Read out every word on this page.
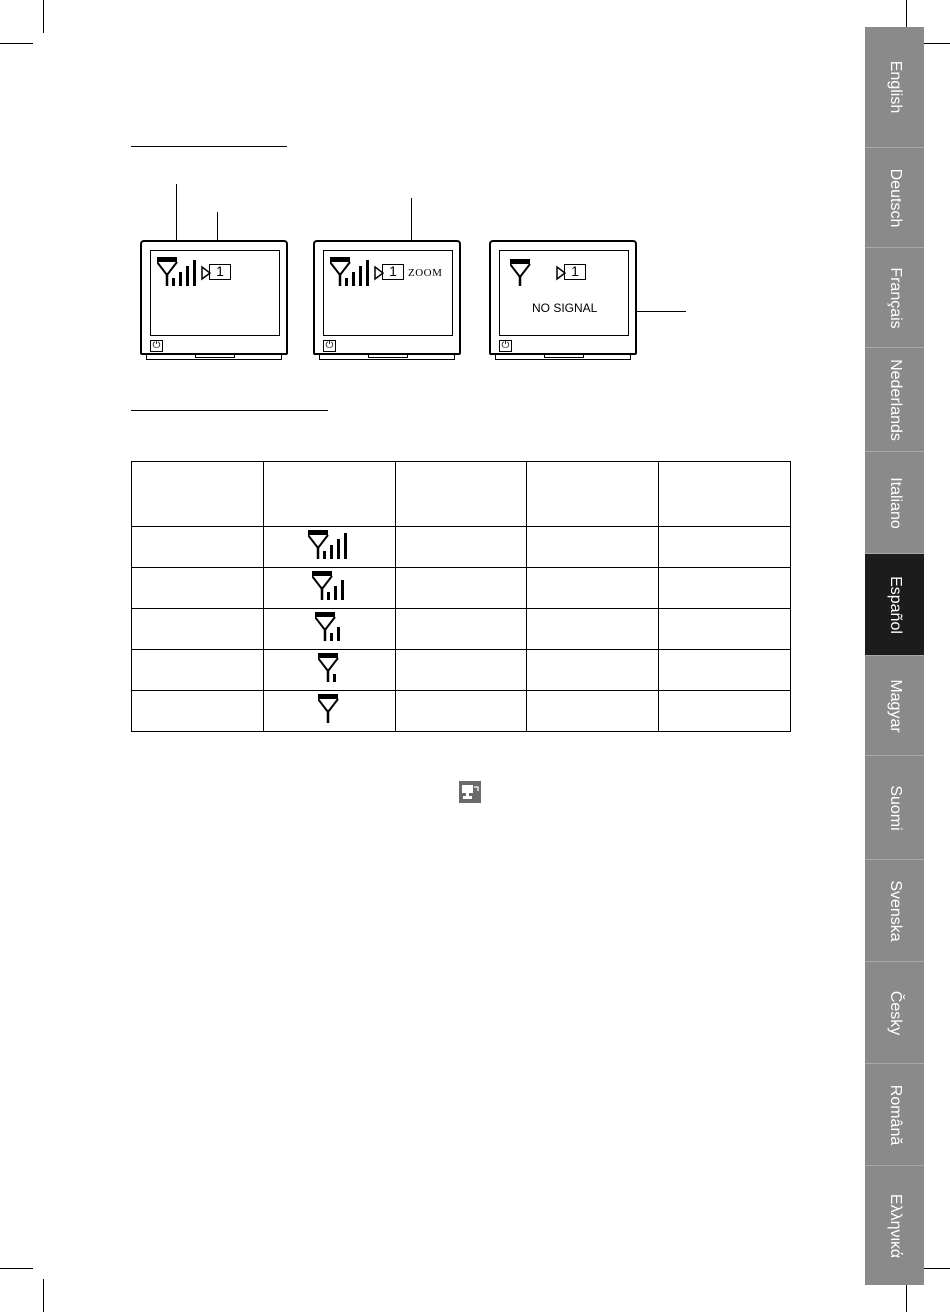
1
⏻
1	ZOOM
⏻
1
NO SIGNAL
⏻

English
Deutsch
Français
Nederlands
Italiano
Español
Magyar
Suomi
Svenska
Česky
Română
Ελληνικά
